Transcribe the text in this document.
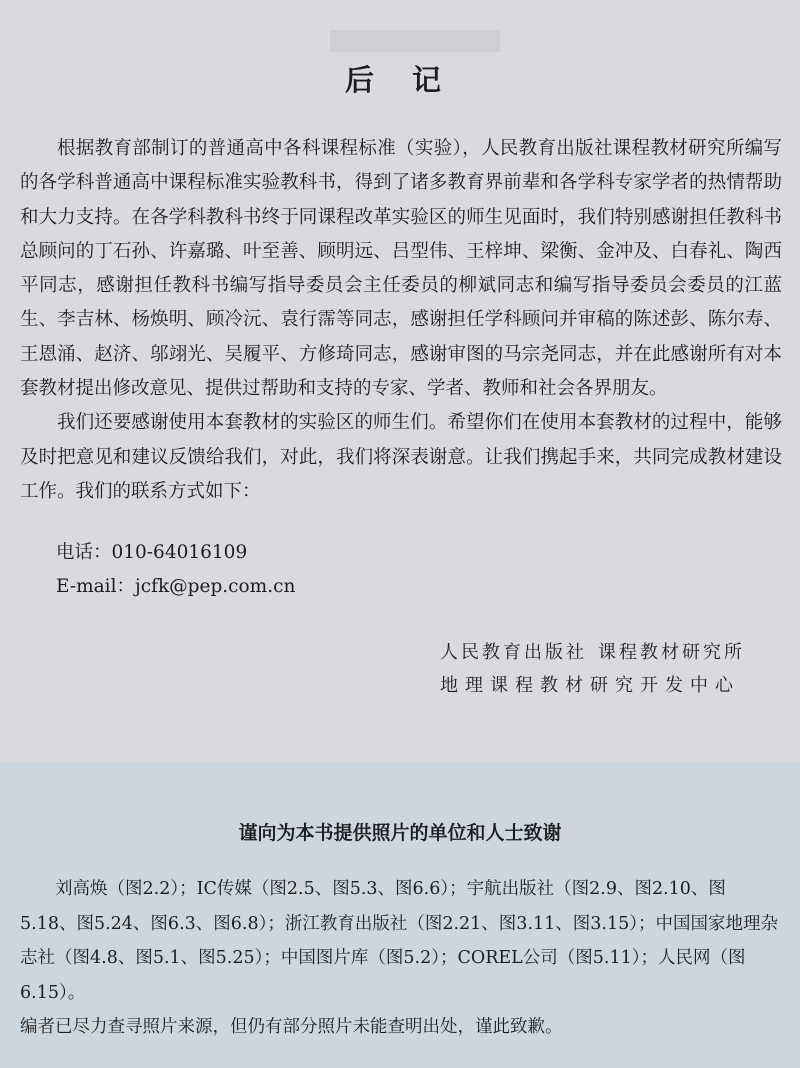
后 记

根据教育部制订的普通高中各科课程标准（实验），人民教育出版社课程教材研究所编写的各学科普通高中课程标准实验教科书，得到了诸多教育界前辈和各学科专家学者的热情帮助和大力支持。在各学科教科书终于同课程改革实验区的师生见面时，我们特别感谢担任教科书总顾问的丁石孙、许嘉璐、叶至善、顾明远、吕型伟、王梓坤、梁衡、金冲及、白春礼、陶西平同志，感谢担任教科书编写指导委员会主任委员的柳斌同志和编写指导委员会委员的江蓝生、李吉林、杨焕明、顾冷沅、袁行霈等同志，感谢担任学科顾问并审稿的陈述彭、陈尔寿、王恩涌、赵济、邬翊光、吴履平、方修琦同志，感谢审图的马宗尧同志，并在此感谢所有对本套教材提出修改意见、提供过帮助和支持的专家、学者、教师和社会各界朋友。

我们还要感谢使用本套教材的实验区的师生们。希望你们在使用本套教材的过程中，能够及时把意见和建议反馈给我们，对此，我们将深表谢意。让我们携起手来，共同完成教材建设工作。我们的联系方式如下：

电话：010-64016109
E-mail：jcfk@pep.com.cn
人民教育出版社 课程教材研究所
地理课程教材研究开发中心
谨向为本书提供照片的单位和人士致谢

刘高焕（图2.2）；IC传媒（图2.5、图5.3、图6.6）；宇航出版社（图2.9、图2.10、图5.18、图5.24、图6.3、图6.8）；浙江教育出版社（图2.21、图3.11、图3.15）；中国国家地理杂志社（图4.8、图5.1、图5.25）；中国图片库（图5.2）；COREL公司（图5.11）；人民网（图6.15）。

编者已尽力查寻照片来源，但仍有部分照片未能查明出处，谨此致歉。
